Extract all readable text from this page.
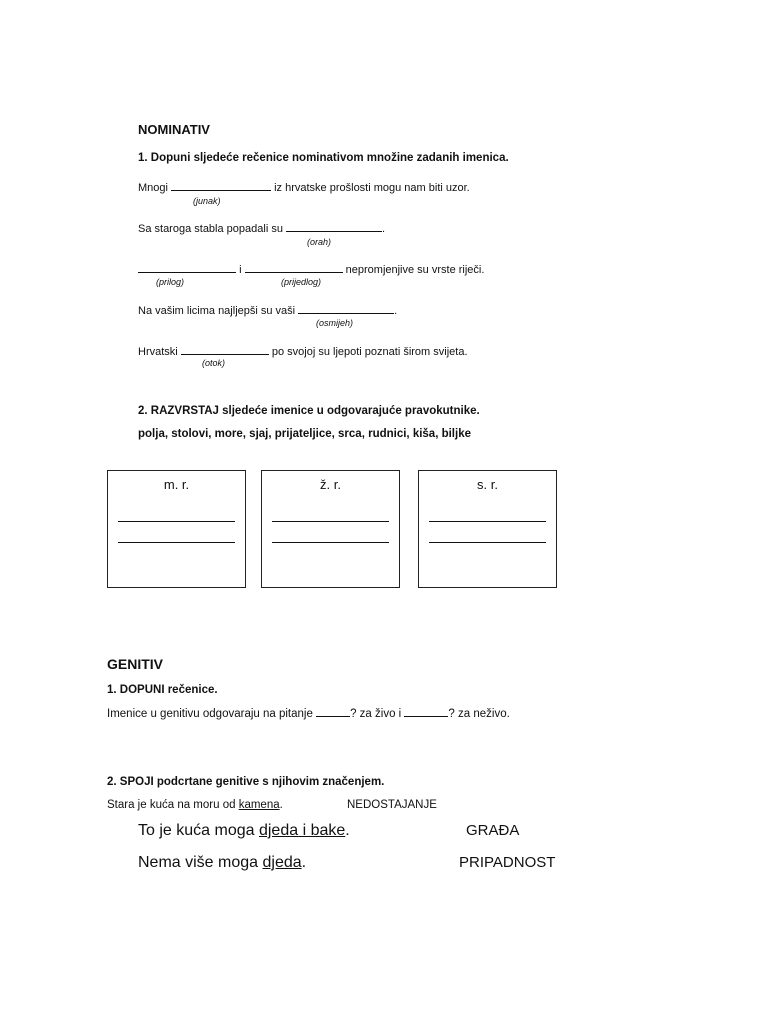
NOMINATIV
1. Dopuni sljedeće rečenice nominativom množine zadanih imenica.
Mnogi	iz hrvatske prošlosti mogu nam biti uzor.
(junak)
Sa staroga stabla popadali su	.
(orah)
i	nepromjenjive su vrste riječi.
(prilog)	(prijedlog)
Na vašim licima najljepši su vaši	.
(osmijeh)
Hrvatski	po svojoj su ljepoti poznati širom svijeta.
(otok)
2. RAZVRSTAJ sljedeće imenice u odgovarajuće pravokutnike.
polja, stolovi, more, sjaj, prijateljice, srca, rudnici, kiša, biljke
m. r.	ž. r.	s. r.
GENITIV
1. DOPUNI rečenice.
Imenice u genitivu odgovaraju na pitanje	? za živo i	? za neživo.
2. SPOJI podcrtane genitive s njihovim značenjem.
Stara je kuća na moru od kamena.	NEDOSTAJANJE
To je kuća moga djeda i bake.	GRAĐA
Nema više moga djeda.	PRIPADNOST
